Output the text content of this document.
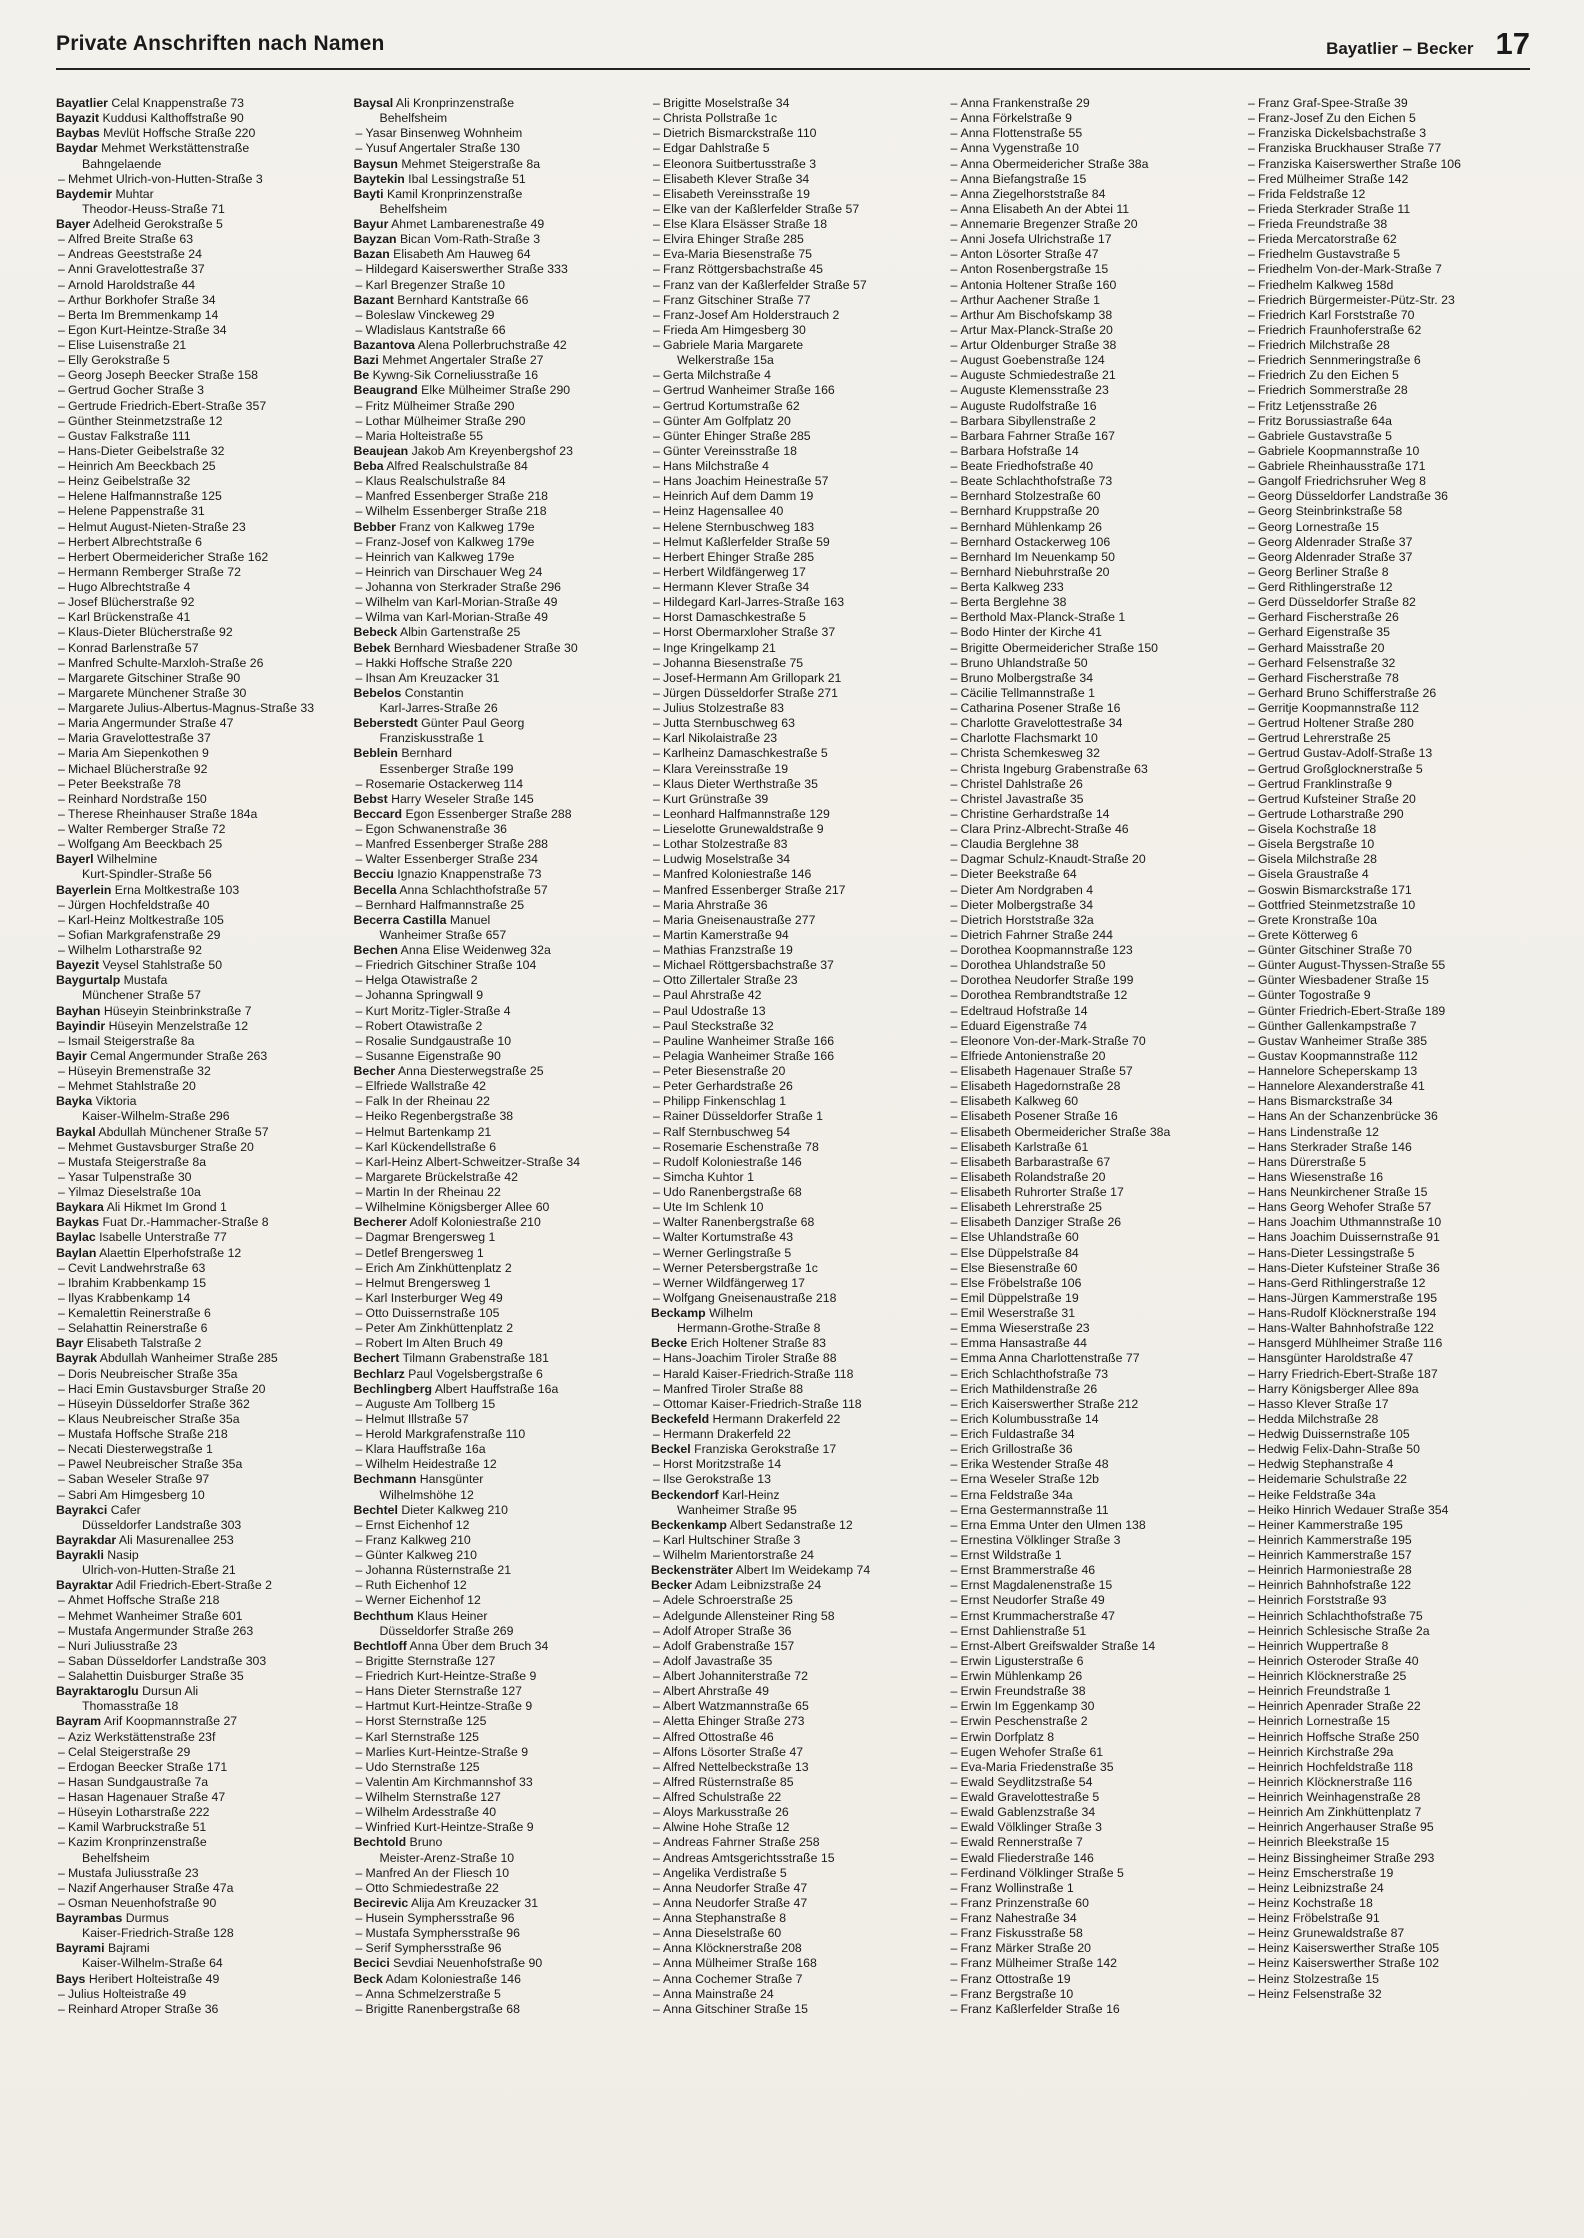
Private Anschriften nach Namen	Bayatlier – Becker 17
Bayatlier Celal Knappenstraße 73
Bayazit Kuddusi Kalthoffstraße 90
Baybas Mevlüt Hoffsche Straße 220
Baydar Mehmet Werkstättenstraße
Bahngelaende
– Mehmet Ulrich-von-Hutten-Straße 3
Baydemir Muhtar
Theodor-Heuss-Straße 71
Bayer Adelheid Gerokstraße 5
– Alfred Breite Straße 63
– Andreas Geeststraße 24
– Anni Gravelottestraße 37
– Arnold Haroldstraße 44
– Arthur Borkhofer Straße 34
– Berta Im Bremmenkamp 14
– Egon Kurt-Heintze-Straße 34
– Elise Luisenstraße 21
– Elly Gerokstraße 5
– Georg Joseph Beecker Straße 158
– Gertrud Gocher Straße 3
– Gertrude Friedrich-Ebert-Straße 357
– Günther Steinmetzstraße 12
– Gustav Falkstraße 111
– Hans-Dieter Geibelstraße 32
– Heinrich Am Beeckbach 25
– Heinz Geibelstraße 32
– Helene Halfmannstraße 125
– Helene Pappenstraße 31
– Helmut August-Nieten-Straße 23
– Herbert Albrechtstraße 6
– Herbert Obermeidericher Straße 162
– Hermann Remberger Straße 72
– Hugo Albrechtstraße 4
– Josef Blücherstraße 92
– Karl Brückenstraße 41
– Klaus-Dieter Blücherstraße 92
– Konrad Barlenstraße 57
– Manfred Schulte-Marxloh-Straße 26
– Margarete Gitschiner Straße 90
– Margarete Münchener Straße 30
– Margarete Julius-Albertus-Magnus-Straße 33
– Maria Angermunder Straße 47
– Maria Gravelottestraße 37
– Maria Am Siepenkothen 9
– Michael Blücherstraße 92
– Peter Beekstraße 78
– Reinhard Nordstraße 150
– Therese Rheinhauser Straße 184a
– Walter Remberger Straße 72
– Wolfgang Am Beeckbach 25
Bayerl Wilhelmine
Kurt-Spindler-Straße 56
Bayerlein Erna Moltkestraße 103
– Jürgen Hochfeldstraße 40
– Karl-Heinz Moltkestraße 105
– Sofian Markgrafenstraße 29
– Wilhelm Lotharstraße 92
Bayezit Veysel Stahlstraße 50
Baygurtalp Mustafa
Münchener Straße 57
Bayhan Hüseyin Steinbrinkstraße 7
Bayindir Hüseyin Menzelstraße 12
– Ismail Steigerstraße 8a
Bayir Cemal Angermunder Straße 263
– Hüseyin Bremenstraße 32
– Mehmet Stahlstraße 20
Bayka Viktoria
Kaiser-Wilhelm-Straße 296
Baykal Abdullah Münchener Straße 57
– Mehmet Gustavsburger Straße 20
– Mustafa Steigerstraße 8a
– Yasar Tulpenstraße 30
– Yilmaz Dieselstraße 10a
Baykara Ali Hikmet Im Grond 1
Baykas Fuat Dr.-Hammacher-Straße 8
Baylac Isabelle Unterstraße 77
Baylan Alaettin Elperhofstraße 12
– Cevit Landwehrstraße 63
– Ibrahim Krabbenkamp 15
– Ilyas Krabbenkamp 14
– Kemalettin Reinerstraße 6
– Selahattin Reinerstraße 6
Bayr Elisabeth Talstraße 2
Bayrak Abdullah Wanheimer Straße 285
– Doris Neubreischer Straße 35a
– Haci Emin Gustavsburger Straße 20
– Hüseyin Düsseldorfer Straße 362
– Klaus Neubreischer Straße 35a
– Mustafa Hoffsche Straße 218
– Necati Diesterwegstraße 1
– Pawel Neubreischer Straße 35a
– Saban Weseler Straße 97
– Sabri Am Himgesberg 10
Bayrakci Cafer
Düsseldorfer Landstraße 303
Bayrakdar Ali Masurenallee 253
Bayrakli Nasip
Ulrich-von-Hutten-Straße 21
Bayraktar Adil Friedrich-Ebert-Straße 2
– Ahmet Hoffsche Straße 218
– Mehmet Wanheimer Straße 601
– Mustafa Angermunder Straße 263
– Nuri Juliusstraße 23
– Saban Düsseldorfer Landstraße 303
– Salahettin Duisburger Straße 35
Bayraktaroglu Dursun Ali
Thomasstraße 18
Bayram Arif Koopmannstraße 27
– Aziz Werkstättenstraße 23f
– Celal Steigerstraße 29
– Erdogan Beecker Straße 171
– Hasan Sundgaustraße 7a
– Hasan Hagenauer Straße 47
– Hüseyin Lotharstraße 222
– Kamil Warbruckstraße 51
– Kazim Kronprinzenstraße
Behelfsheim
– Mustafa Juliusstraße 23
– Nazif Angerhauser Straße 47a
– Osman Neuenhofstraße 90
Bayrambas Durmus
Kaiser-Friedrich-Straße 128
Bayrami Bajrami
Kaiser-Wilhelm-Straße 64
Bays Heribert Holteistraße 49
– Julius Holteistraße 49
– Reinhard Atroper Straße 36
Baysal Ali Kronprinzenstraße
Behelfsheim
– Yasar Binsenweg Wohnheim
– Yusuf Angertaler Straße 130
Baysun Mehmet Steigerstraße 8a
Baytekin Ibal Lessingstraße 51
Bayti Kamil Kronprinzenstraße
Behelfsheim
Bayur Ahmet Lambarenestraße 49
Bayzan Bican Vom-Rath-Straße 3
Bazan Elisabeth Am Hauweg 64
– Hildegard Kaiserswerther Straße 333
– Karl Bregenzer Straße 10
Bazant Bernhard Kantstraße 66
– Boleslaw Vinckeweg 29
– Wladislaus Kantstraße 66
Bazantova Alena Pollerbruchstraße 42
Bazi Mehmet Angertaler Straße 27
Be Kywng-Sik Corneliusstraße 16
Beaugrand Elke Mülheimer Straße 290
– Fritz Mülheimer Straße 290
– Lothar Mülheimer Straße 290
– Maria Holteistraße 55
Beaujean Jakob Am Kreyenbergshof 23
Beba Alfred Realschulstraße 84
– Klaus Realschulstraße 84
– Manfred Essenberger Straße 218
– Wilhelm Essenberger Straße 218
Bebber Franz von Kalkweg 179e
– Franz-Josef von Kalkweg 179e
– Heinrich van Kalkweg 179e
– Heinrich van Dirschauer Weg 24
– Johanna von Sterkrader Straße 296
– Wilhelm van Karl-Morian-Straße 49
– Wilma van Karl-Morian-Straße 49
Bebeck Albin Gartenstraße 25
Bebek Bernhard Wiesbadener Straße 30
– Hakki Hoffsche Straße 220
– Ihsan Am Kreuzacker 31
Bebelos Constantin
Karl-Jarres-Straße 26
Beberstedt Günter Paul Georg
Franziskusstraße 1
Beblein Bernhard
Essenberger Straße 199
– Rosemarie Ostackerweg 114
Bebst Harry Weseler Straße 145
Beccard Egon Essenberger Straße 288
– Egon Schwanenstraße 36
– Manfred Essenberger Straße 288
– Walter Essenberger Straße 234
Becciu Ignazio Knappenstraße 73
Becella Anna Schlachthofstraße 57
– Bernhard Halfmannstraße 25
Becerra Castilla Manuel
Wanheimer Straße 657
Bechen Anna Elise Weidenweg 32a
– Friedrich Gitschiner Straße 104
– Helga Otawistraße 2
– Johanna Springwall 9
– Kurt Moritz-Tigler-Straße 4
– Robert Otawistraße 2
– Rosalie Sundgaustraße 10
– Susanne Eigenstraße 90
Becher Anna Diesterwegstraße 25
– Elfriede Wallstraße 42
– Falk In der Rheinau 22
– Heiko Regenbergstraße 38
– Helmut Bartenkamp 21
– Karl Kückendellstraße 6
– Karl-Heinz Albert-Schweitzer-Straße 34
– Margarete Brückelstraße 42
– Martin In der Rheinau 22
– Wilhelmine Königsberger Allee 60
Becherer Adolf Koloniestraße 210
– Dagmar Brengersweg 1
– Detlef Brengersweg 1
– Erich Am Zinkhüttenplatz 2
– Helmut Brengersweg 1
– Karl Insterburger Weg 49
– Otto Duissernstraße 105
– Peter Am Zinkhüttenplatz 2
– Robert Im Alten Bruch 49
Bechert Tilmann Grabenstraße 181
Bechlarz Paul Vogelsbergstraße 6
Bechlingberg Albert Hauffstraße 16a
– Auguste Am Tollberg 15
– Helmut Illstraße 57
– Herold Markgrafenstraße 110
– Klara Hauffstraße 16a
– Wilhelm Heidestraße 12
Bechmann Hansgünter
Wilhelmshöhe 12
Bechtel Dieter Kalkweg 210
– Ernst Eichenhof 12
– Franz Kalkweg 210
– Günter Kalkweg 210
– Johanna Rüsternstraße 21
– Ruth Eichenhof 12
– Werner Eichenhof 12
Bechthum Klaus Heiner
Düsseldorfer Straße 269
Bechtloff Anna Über dem Bruch 34
– Brigitte Sternstraße 127
– Friedrich Kurt-Heintze-Straße 9
– Hans Dieter Sternstraße 127
– Hartmut Kurt-Heintze-Straße 9
– Horst Sternstraße 125
– Karl Sternstraße 125
– Marlies Kurt-Heintze-Straße 9
– Udo Sternstraße 125
– Valentin Am Kirchmannshof 33
– Wilhelm Sternstraße 127
– Wilhelm Ardesstraße 40
– Winfried Kurt-Heintze-Straße 9
Bechtold Bruno
Meister-Arenz-Straße 10
– Manfred An der Fliesch 10
– Otto Schmiedestraße 22
Becirevic Alija Am Kreuzacker 31
– Husein Symphersstraße 96
– Mustafa Symphersstraße 96
– Serif Symphersstraße 96
Becici Sevdiai Neuenhofstraße 90
Beck Adam Koloniestraße 146
– Anna Schmelzerstraße 5
– Brigitte Ranenbergstraße 68
– Brigitte Moselstraße 34
– Christa Pollstraße 1c
– Dietrich Bismarckstraße 110
– Edgar Dahlstraße 5
– Eleonora Suitbertusstraße 3
– Elisabeth Klever Straße 34
– Elisabeth Vereinsstraße 19
– Elke van der Kaßlerfelder Straße 57
– Else Klara Elsässer Straße 18
– Elvira Ehinger Straße 285
– Eva-Maria Biesenstraße 75
– Franz Röttgersbachstraße 45
– Franz van der Kaßlerfelder Straße 57
– Franz Gitschiner Straße 77
– Franz-Josef Am Holderstrauch 2
– Frieda Am Himgesberg 30
– Gabriele Maria Margarete
Welkerstraße 15a
– Gerta Milchstraße 4
– Gertrud Wanheimer Straße 166
– Gertrud Kortumstraße 62
– Günter Am Golfplatz 20
– Günter Ehinger Straße 285
– Günter Vereinsstraße 18
– Hans Milchstraße 4
– Hans Joachim Heinestraße 57
– Heinrich Auf dem Damm 19
– Heinz Hagensallee 40
– Helene Sternbuschweg 183
– Helmut Kaßlerfelder Straße 59
– Herbert Ehinger Straße 285
– Herbert Wildfängerweg 17
– Hermann Klever Straße 34
– Hildegard Karl-Jarres-Straße 163
– Horst Damaschkestraße 5
– Horst Obermarxloher Straße 37
– Inge Kringelkamp 21
– Johanna Biesenstraße 75
– Josef-Hermann Am Grillopark 21
– Jürgen Düsseldorfer Straße 271
– Julius Stolzestraße 83
– Jutta Sternbuschweg 63
– Karl Nikolaistraße 23
– Karlheinz Damaschkestraße 5
– Klara Vereinsstraße 19
– Klaus Dieter Werthstraße 35
– Kurt Grünstraße 39
– Leonhard Halfmannstraße 129
– Lieselotte Grunewaldstraße 9
– Lothar Stolzestraße 83
– Ludwig Moselstraße 34
– Manfred Koloniestraße 146
– Manfred Essenberger Straße 217
– Maria Ahrstraße 36
– Maria Gneisenaustraße 277
– Martin Kamerstraße 94
– Mathias Franzstraße 19
– Michael Röttgersbachstraße 37
– Otto Zillertaler Straße 23
– Paul Ahrstraße 42
– Paul Udostraße 13
– Paul Steckstraße 32
– Pauline Wanheimer Straße 166
– Pelagia Wanheimer Straße 166
– Peter Biesenstraße 20
– Peter Gerhardstraße 26
– Philipp Finkenschlag 1
– Rainer Düsseldorfer Straße 1
– Ralf Sternbuschweg 54
– Rosemarie Eschenstraße 78
– Rudolf Koloniestraße 146
– Simcha Kuhtor 1
– Udo Ranenbergstraße 68
– Ute Im Schlenk 10
– Walter Ranenbergstraße 68
– Walter Kortumstraße 43
– Werner Gerlingstraße 5
– Werner Petersbergstraße 1c
– Werner Wildfängerweg 17
– Wolfgang Gneisenaustraße 218
Beckamp Wilhelm
Hermann-Grothe-Straße 8
Becke Erich Holtener Straße 83
– Hans-Joachim Tiroler Straße 88
– Harald Kaiser-Friedrich-Straße 118
– Manfred Tiroler Straße 88
– Ottomar Kaiser-Friedrich-Straße 118
Beckefeld Hermann Drakerfeld 22
– Hermann Drakerfeld 22
Beckel Franziska Gerokstraße 17
– Horst Moritzstraße 14
– Ilse Gerokstraße 13
Beckendorf Karl-Heinz
Wanheimer Straße 95
Beckenkamp Albert Sedanstraße 12
– Karl Hultschiner Straße 3
– Wilhelm Marientorstraße 24
Beckensträter Albert Im Weidekamp 74
Becker Adam Leibnizstraße 24
– Adele Schroerstraße 25
– Adelgunde Allensteiner Ring 58
– Adolf Atroper Straße 36
– Adolf Grabenstraße 157
– Adolf Javastraße 35
– Albert Johanniterstraße 72
– Albert Ahrstraße 49
– Albert Watzmannstraße 65
– Aletta Ehinger Straße 273
– Alfred Ottostraße 46
– Alfons Lösorter Straße 47
– Alfred Nettelbeckstraße 13
– Alfred Rüsternstraße 85
– Alfred Schulstraße 22
– Aloys Markusstraße 26
– Alwine Hohe Straße 12
– Andreas Fahrner Straße 258
– Andreas Amtsgerichtsstraße 15
– Angelika Verdistraße 5
– Anna Neudorfer Straße 47
– Anna Neudorfer Straße 47
– Anna Stephanstraße 8
– Anna Dieselstraße 60
– Anna Klöcknerstraße 208
– Anna Mülheimer Straße 168
– Anna Cochemer Straße 7
– Anna Mainstraße 24
– Anna Gitschiner Straße 15
– Anna Frankenstraße 29
– Anna Förkelstraße 9
– Anna Flottenstraße 55
– Anna Vygenstraße 10
– Anna Obermeidericher Straße 38a
– Anna Biefangstraße 15
– Anna Ziegelhorststraße 84
– Anna Elisabeth An der Abtei 11
– Annemarie Bregenzer Straße 20
– Anni Josefa Ulrichstraße 17
– Anton Lösorter Straße 47
– Anton Rosenbergstraße 15
– Antonia Holtener Straße 160
– Arthur Aachener Straße 1
– Arthur Am Bischofskamp 38
– Artur Max-Planck-Straße 20
– Artur Oldenburger Straße 38
– August Goebenstraße 124
– Auguste Schmiedestraße 21
– Auguste Klemensstraße 23
– Auguste Rudolfstraße 16
– Barbara Sibyllenstraße 2
– Barbara Fahrner Straße 167
– Barbara Hofstraße 14
– Beate Friedhofstraße 40
– Beate Schlachthofstraße 73
– Bernhard Stolzestraße 60
– Bernhard Kruppstraße 20
– Bernhard Mühlenkamp 26
– Bernhard Ostackerweg 106
– Bernhard Im Neuenkamp 50
– Bernhard Niebuhrstraße 20
– Berta Kalkweg 233
– Berta Berglehne 38
– Berthold Max-Planck-Straße 1
– Bodo Hinter der Kirche 41
– Brigitte Obermeidericher Straße 150
– Bruno Uhlandstraße 50
– Bruno Molbergstraße 34
– Cäcilie Tellmannstraße 1
– Catharina Posener Straße 16
– Charlotte Gravelottestraße 34
– Charlotte Flachsmarkt 10
– Christa Schemkesweg 32
– Christa Ingeburg Grabenstraße 63
– Christel Dahlstraße 26
– Christel Javastraße 35
– Christine Gerhardstraße 14
– Clara Prinz-Albrecht-Straße 46
– Claudia Berglehne 38
– Dagmar Schulz-Knaudt-Straße 20
– Dieter Beekstraße 64
– Dieter Am Nordgraben 4
– Dieter Molbergstraße 34
– Dietrich Horststraße 32a
– Dietrich Fahrner Straße 244
– Dorothea Koopmannstraße 123
– Dorothea Uhlandstraße 50
– Dorothea Neudorfer Straße 199
– Dorothea Rembrandtstraße 12
– Edeltraud Hofstraße 14
– Eduard Eigenstraße 74
– Eleonore Von-der-Mark-Straße 70
– Elfriede Antonienstraße 20
– Elisabeth Hagenauer Straße 57
– Elisabeth Hagedornstraße 28
– Elisabeth Kalkweg 60
– Elisabeth Posener Straße 16
– Elisabeth Obermeidericher Straße 38a
– Elisabeth Karlstraße 61
– Elisabeth Barbarastraße 67
– Elisabeth Rolandstraße 20
– Elisabeth Ruhrorter Straße 17
– Elisabeth Lehrerstraße 25
– Elisabeth Danziger Straße 26
– Else Uhlandstraße 60
– Else Düppelstraße 84
– Else Biesenstraße 60
– Else Fröbelstraße 106
– Emil Düppelstraße 19
– Emil Weserstraße 31
– Emma Wieserstraße 23
– Emma Hansastraße 44
– Emma Anna Charlottenstraße 77
– Erich Schlachthofstraße 73
– Erich Mathildenstraße 26
– Erich Kaiserswerther Straße 212
– Erich Kolumbusstraße 14
– Erich Fuldastraße 34
– Erich Grillostraße 36
– Erika Westender Straße 48
– Erna Weseler Straße 12b
– Erna Feldstraße 34a
– Erna Gestermannstraße 11
– Erna Emma Unter den Ulmen 138
– Ernestina Völklinger Straße 3
– Ernst Wildstraße 1
– Ernst Brammerstraße 46
– Ernst Magdalenenstraße 15
– Ernst Neudorfer Straße 49
– Ernst Krummacherstraße 47
– Ernst Dahlienstraße 51
– Ernst-Albert Greifswalder Straße 14
– Erwin Ligusterstraße 6
– Erwin Mühlenkamp 26
– Erwin Freundstraße 38
– Erwin Im Eggenkamp 30
– Erwin Peschenstraße 2
– Erwin Dorfplatz 8
– Eugen Wehofer Straße 61
– Eva-Maria Friedenstraße 35
– Ewald Seydlitzstraße 54
– Ewald Gravelottestraße 5
– Ewald Gablenzstraße 34
– Ewald Völklinger Straße 3
– Ewald Rennerstraße 7
– Ewald Fliederstraße 146
– Ferdinand Völklinger Straße 5
– Franz Wollinstraße 1
– Franz Prinzenstraße 60
– Franz Nahestraße 34
– Franz Fiskusstraße 58
– Franz Märker Straße 20
– Franz Mülheimer Straße 142
– Franz Ottostraße 19
– Franz Bergstraße 10
– Franz Kaßlerfelder Straße 16
– Franz Graf-Spee-Straße 39
– Franz-Josef Zu den Eichen 5
– Franziska Dickelsbachstraße 3
– Franziska Bruckhauser Straße 77
– Franziska Kaiserswerther Straße 106
– Fred Mülheimer Straße 142
– Frida Feldstraße 12
– Frieda Sterkrader Straße 11
– Frieda Freundstraße 38
– Frieda Mercatorstraße 62
– Friedhelm Gustavstraße 5
– Friedhelm Von-der-Mark-Straße 7
– Friedhelm Kalkweg 158d
– Friedrich Bürgermeister-Pütz-Str. 23
– Friedrich Karl Forststraße 70
– Friedrich Fraunhoferstraße 62
– Friedrich Milchstraße 28
– Friedrich Sennmeringstraße 6
– Friedrich Zu den Eichen 5
– Friedrich Sommerstraße 28
– Fritz Letjensstraße 26
– Fritz Borussiastraße 64a
– Gabriele Gustavstraße 5
– Gabriele Koopmannstraße 10
– Gabriele Rheinhausstraße 171
– Gangolf Friedrichsruher Weg 8
– Georg Düsseldorfer Landstraße 36
– Georg Steinbrinkstraße 58
– Georg Lornestraße 15
– Georg Aldenrader Straße 37
– Georg Aldenrader Straße 37
– Georg Berliner Straße 8
– Gerd Rithlingerstraße 12
– Gerd Düsseldorfer Straße 82
– Gerhard Fischerstraße 26
– Gerhard Eigenstraße 35
– Gerhard Maisstraße 20
– Gerhard Felsenstraße 32
– Gerhard Fischerstraße 78
– Gerhard Bruno Schifferstraße 26
– Gerritje Koopmannstraße 112
– Gertrud Holtener Straße 280
– Gertrud Lehrerstraße 25
– Gertrud Gustav-Adolf-Straße 13
– Gertrud Großglocknerstraße 5
– Gertrud Franklinstraße 9
– Gertrud Kufsteiner Straße 20
– Gertrude Lotharstraße 290
– Gisela Kochstraße 18
– Gisela Bergstraße 10
– Gisela Milchstraße 28
– Gisela Graustraße 4
– Goswin Bismarckstraße 171
– Gottfried Steinmetzstraße 10
– Grete Kronstraße 10a
– Grete Kötterweg 6
– Günter Gitschiner Straße 70
– Günter August-Thyssen-Straße 55
– Günter Wiesbadener Straße 15
– Günter Togostraße 9
– Günter Friedrich-Ebert-Straße 189
– Günther Gallenkampstraße 7
– Gustav Wanheimer Straße 385
– Gustav Koopmannstraße 112
– Hannelore Scheperskamp 13
– Hannelore Alexanderstraße 41
– Hans Bismarckstraße 34
– Hans An der Schanzenbrücke 36
– Hans Lindenstraße 12
– Hans Sterkrader Straße 146
– Hans Dürerstraße 5
– Hans Wiesenstraße 16
– Hans Neunkirchener Straße 15
– Hans Georg Wehofer Straße 57
– Hans Joachim Uthmannstraße 10
– Hans Joachim Duissernstraße 91
– Hans-Dieter Lessingstraße 5
– Hans-Dieter Kufsteiner Straße 36
– Hans-Gerd Rithlingerstraße 12
– Hans-Jürgen Kammerstraße 195
– Hans-Rudolf Klöcknerstraße 194
– Hans-Walter Bahnhofstraße 122
– Hansgerd Mühlheimer Straße 116
– Hansgünter Haroldstraße 47
– Harry Friedrich-Ebert-Straße 187
– Harry Königsberger Allee 89a
– Hasso Klever Straße 17
– Hedda Milchstraße 28
– Hedwig Duissernstraße 105
– Hedwig Felix-Dahn-Straße 50
– Hedwig Stephanstraße 4
– Heidemarie Schulstraße 22
– Heike Feldstraße 34a
– Heiko Hinrich Wedauer Straße 354
– Heiner Kammerstraße 195
– Heinrich Kammerstraße 195
– Heinrich Kammerstraße 157
– Heinrich Harmoniestraße 28
– Heinrich Bahnhofstraße 122
– Heinrich Forststraße 93
– Heinrich Schlachthofstraße 75
– Heinrich Schlesische Straße 2a
– Heinrich Wuppertraße 8
– Heinrich Osteroder Straße 40
– Heinrich Klöcknerstraße 25
– Heinrich Freundstraße 1
– Heinrich Apenrader Straße 22
– Heinrich Lornestraße 15
– Heinrich Hoffsche Straße 250
– Heinrich Kirchstraße 29a
– Heinrich Hochfeldstraße 118
– Heinrich Klöcknerstraße 116
– Heinrich Weinhagenstraße 28
– Heinrich Am Zinkhüttenplatz 7
– Heinrich Angerhauser Straße 95
– Heinrich Bleekstraße 15
– Heinz Bissingheimer Straße 293
– Heinz Emscherstraße 19
– Heinz Leibnizstraße 24
– Heinz Kochstraße 18
– Heinz Fröbelstraße 91
– Heinz Grunewaldstraße 87
– Heinz Kaiserswerther Straße 105
– Heinz Kaiserswerther Straße 102
– Heinz Stolzestraße 15
– Heinz Felsenstraße 32
